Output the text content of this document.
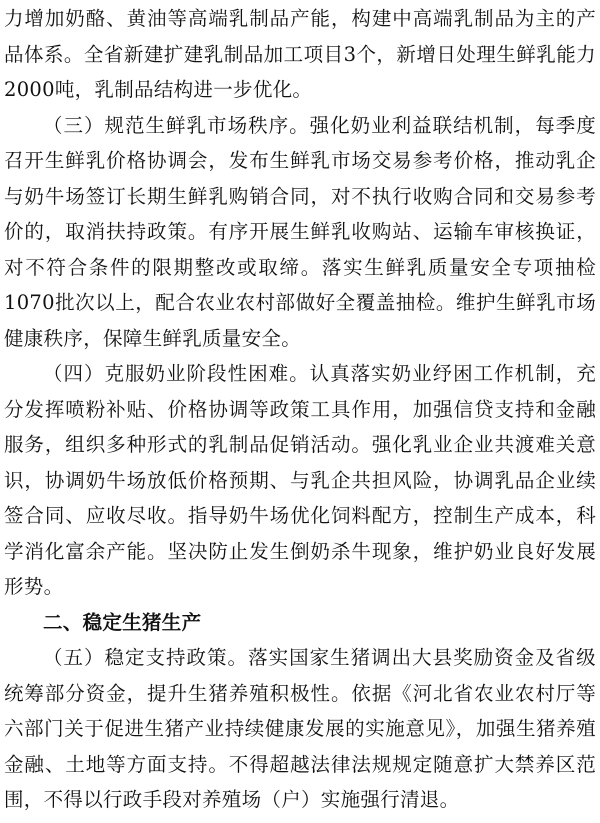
力增加奶酪、黄油等高端乳制品产能，构建中高端乳制品为主的产品体系。全省新建扩建乳制品加工项目3个，新增日处理生鲜乳能力2000吨，乳制品结构进一步优化。

（三）规范生鲜乳市场秩序。强化奶业利益联结机制，每季度召开生鲜乳价格协调会，发布生鲜乳市场交易参考价格，推动乳企与奶牛场签订长期生鲜乳购销合同，对不执行收购合同和交易参考价的，取消扶持政策。有序开展生鲜乳收购站、运输车审核换证，对不符合条件的限期整改或取缔。落实生鲜乳质量安全专项抽检1070批次以上，配合农业农村部做好全覆盖抽检。维护生鲜乳市场健康秩序，保障生鲜乳质量安全。

（四）克服奶业阶段性困难。认真落实奶业纾困工作机制，充分发挥喷粉补贴、价格协调等政策工具作用，加强信贷支持和金融服务，组织多种形式的乳制品促销活动。强化乳业企业共渡难关意识，协调奶牛场放低价格预期、与乳企共担风险，协调乳品企业续签合同、应收尽收。指导奶牛场优化饲料配方，控制生产成本，科学消化富余产能。坚决防止发生倒奶杀牛现象，维护奶业良好发展形势。

二、稳定生猪生产

（五）稳定支持政策。落实国家生猪调出大县奖励资金及省级统筹部分资金，提升生猪养殖积极性。依据《河北省农业农村厅等六部门关于促进生猪产业持续健康发展的实施意见》，加强生猪养殖金融、土地等方面支持。不得超越法律法规规定随意扩大禁养区范围，不得以行政手段对养殖场（户）实施强行清退。
